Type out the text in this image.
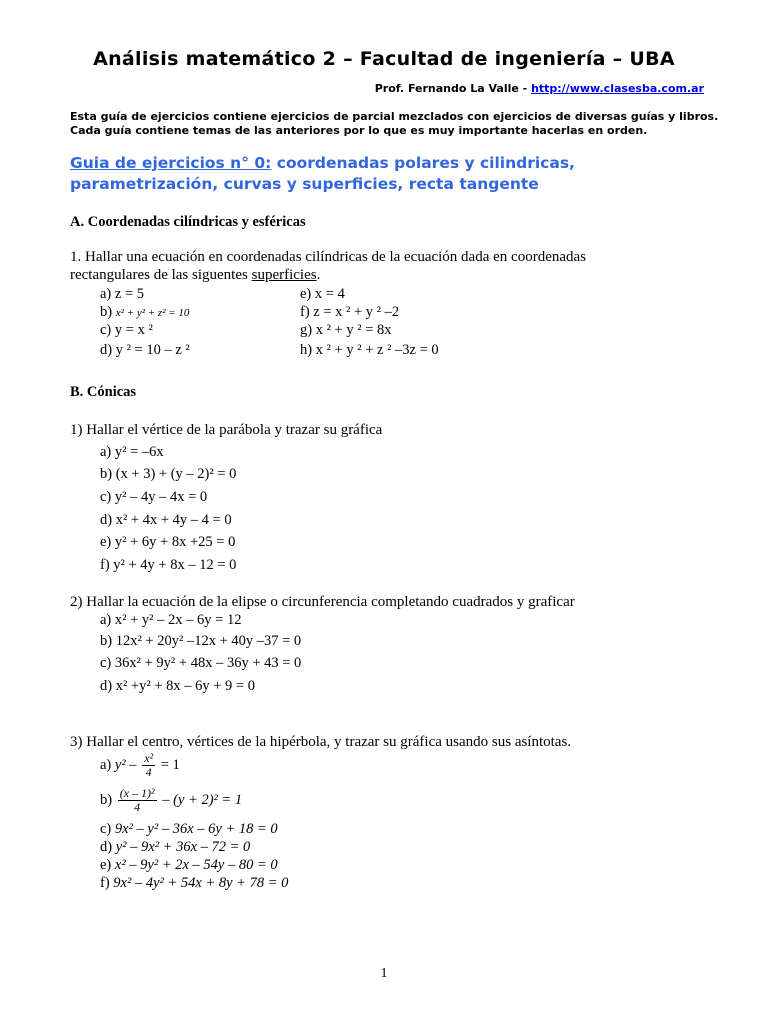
Análisis matemático 2 – Facultad de ingeniería – UBA
Prof. Fernando La Valle - http://www.clasesba.com.ar
Esta guía de ejercicios contiene ejercicios de parcial mezclados con ejercicios de diversas guías y libros.
Cada guía contiene temas de las anteriores por lo que es muy importante hacerlas en orden.
Guia de ejercicios n° 0: coordenadas polares y cilindricas,
parametrización, curvas y superficies, recta tangente
A. Coordenadas cilíndricas y esféricas
1. Hallar una ecuación en coordenadas cilíndricas de la ecuación dada en coordenadas
rectangulares de las siguentes superficies.
a) z = 5
b) x² + y² + z² = 10
c) y = x ²
d) y ² = 10 – z ²
e) x = 4
f) z = x ² + y ² –2
g) x ² + y ² = 8x
h) x ² + y ² + z ² –3z = 0
B. Cónicas
1) Hallar el vértice de la parábola y trazar su gráfica
a) y² = –6x
b) (x + 3) + (y – 2)² = 0
c) y² – 4y – 4x = 0
d) x² + 4x + 4y – 4 = 0
e) y² + 6y + 8x +25 = 0
f) y² + 4y + 8x – 12 = 0
2) Hallar la ecuación de la elipse o circunferencia completando cuadrados y graficar
a) x² + y² – 2x – 6y = 12
b) 12x² + 20y² –12x + 40y –37 = 0
c) 36x² + 9y² + 48x – 36y + 43 = 0
d) x² +y² + 8x – 6y + 9 = 0
3) Hallar el centro, vértices de la hipérbola, y trazar su gráfica usando sus asíntotas.
a) $y^2 - \frac{\text{x²}}{4} = 1$
$b) \frac{\text{(x – 1)²}}{4} - (y + 2)^2 = 1$
c) 9x² – y² – 36x – 6y + 18 = 0
d) y² – 9x² + 36x – 72 = 0
e) x² – 9y² + 2x – 54y – 80 = 0
f) 9x² – 4y² + 54x + 8y + 78 = 0
1
